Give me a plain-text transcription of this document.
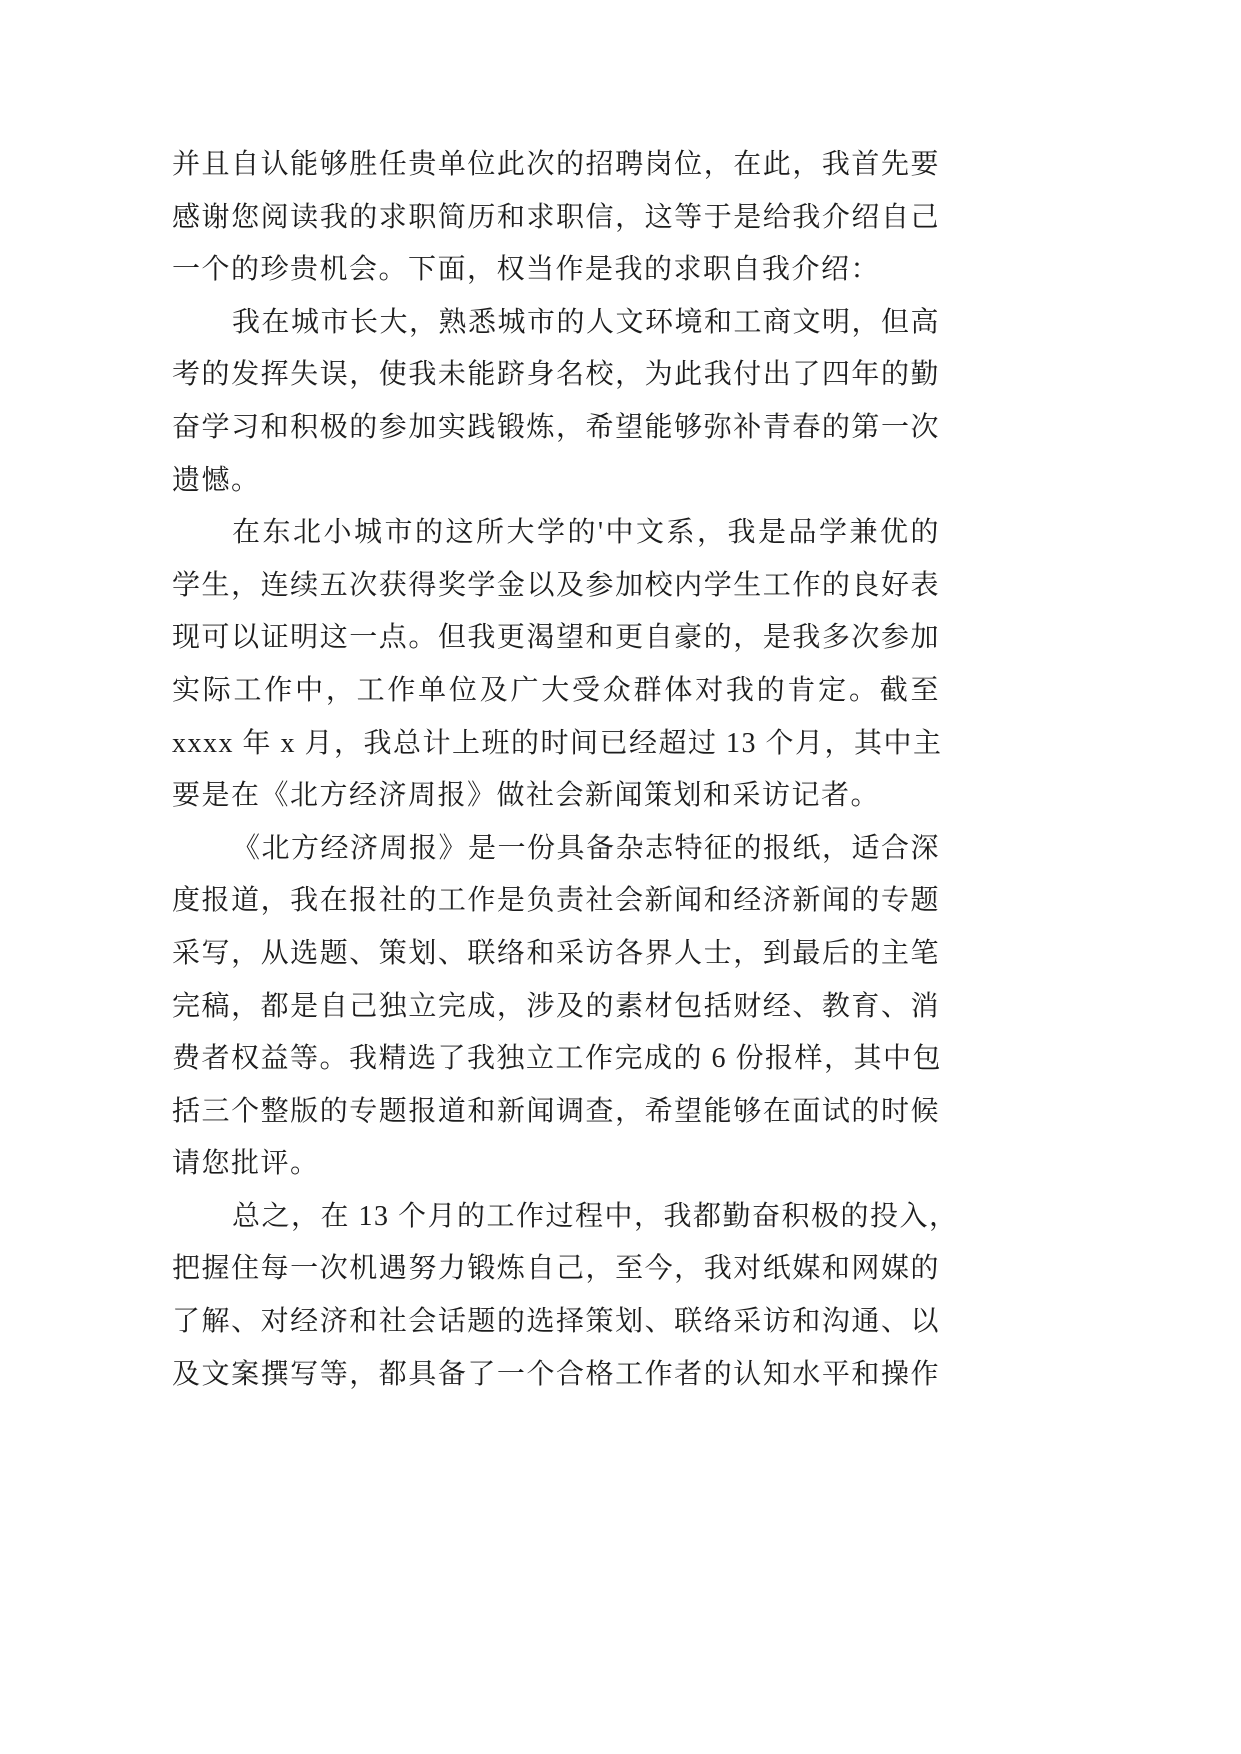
并且自认能够胜任贵单位此次的招聘岗位，在此，我首先要
感谢您阅读我的求职简历和求职信，这等于是给我介绍自己
一个的珍贵机会。下面，权当作是我的求职自我介绍：
我在城市长大，熟悉城市的人文环境和工商文明，但高
考的发挥失误，使我未能跻身名校，为此我付出了四年的勤
奋学习和积极的参加实践锻炼，希望能够弥补青春的第一次
遗憾。
在东北小城市的这所大学的'中文系，我是品学兼优的
学生，连续五次获得奖学金以及参加校内学生工作的良好表
现可以证明这一点。但我更渴望和更自豪的，是我多次参加
实际工作中，工作单位及广大受众群体对我的肯定。截至
xxxx 年 x 月，我总计上班的时间已经超过 13 个月，其中主
要是在《北方经济周报》做社会新闻策划和采访记者。
《北方经济周报》是一份具备杂志特征的报纸，适合深
度报道，我在报社的工作是负责社会新闻和经济新闻的专题
采写，从选题、策划、联络和采访各界人士，到最后的主笔
完稿，都是自己独立完成，涉及的素材包括财经、教育、消
费者权益等。我精选了我独立工作完成的 6 份报样，其中包
括三个整版的专题报道和新闻调查，希望能够在面试的时候
请您批评。
总之，在 13 个月的工作过程中，我都勤奋积极的投入，
把握住每一次机遇努力锻炼自己，至今，我对纸媒和网媒的
了解、对经济和社会话题的选择策划、联络采访和沟通、以
及文案撰写等，都具备了一个合格工作者的认知水平和操作
